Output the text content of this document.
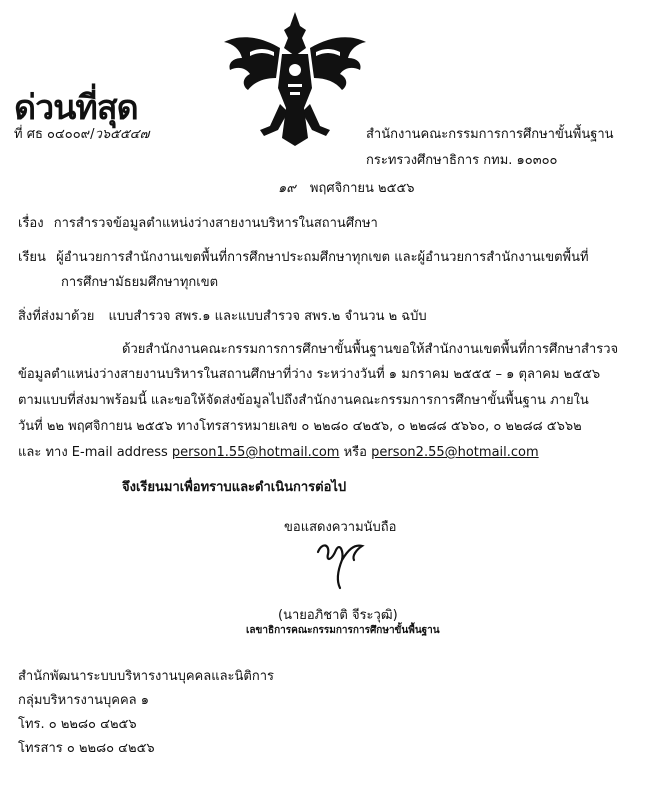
ด่วนที่สุด
ที่ ศธ ๐๔๐๐๙/ว๖๕๕๔๗	สำนักงานคณะกรรมการการศึกษาขั้นพื้นฐาน
กระทรวงศึกษาธิการ กทม. ๑๐๓๐๐
๑๙ พฤศจิกายน ๒๕๕๖
เรื่อง การสำรวจข้อมูลตำแหน่งว่างสายงานบริหารในสถานศึกษา
เรียน ผู้อำนวยการสำนักงานเขตพื้นที่การศึกษาประถมศึกษาทุกเขต และผู้อำนวยการสำนักงานเขตพื้นที่
การศึกษามัธยมศึกษาทุกเขต
สิ่งที่ส่งมาด้วย แบบสำรวจ สพร.๑ และแบบสำรวจ สพร.๒ จำนวน ๒ ฉบับ
ด้วยสำนักงานคณะกรรมการการศึกษาขั้นพื้นฐานขอให้สำนักงานเขตพื้นที่การศึกษาสำรวจ
ข้อมูลตำแหน่งว่างสายงานบริหารในสถานศึกษาที่ว่าง ระหว่างวันที่ ๑ มกราคม ๒๕๕๕ – ๑ ตุลาคม ๒๕๕๖
ตามแบบที่ส่งมาพร้อมนี้ และขอให้จัดส่งข้อมูลไปถึงสำนักงานคณะกรรมการการศึกษาขั้นพื้นฐาน ภายใน
วันที่ ๒๒ พฤศจิกายน ๒๕๕๖ ทางโทรสารหมายเลข ๐ ๒๒๘๐ ๔๒๕๖, ๐ ๒๒๘๘ ๕๖๖๐, ๐ ๒๒๘๘ ๕๖๖๒
และ ทาง E-mail address person1.55@hotmail.com หรือ person2.55@hotmail.com
จึงเรียนมาเพื่อทราบและดำเนินการต่อไป
ขอแสดงความนับถือ
(นายอภิชาติ จีระวุฒิ)
เลขาธิการคณะกรรมการการศึกษาขั้นพื้นฐาน
สำนักพัฒนาระบบบริหารงานบุคคลและนิติการ
กลุ่มบริหารงานบุคคล ๑
โทร. ๐ ๒๒๘๐ ๔๒๕๖
โทรสาร ๐ ๒๒๘๐ ๔๒๕๖
